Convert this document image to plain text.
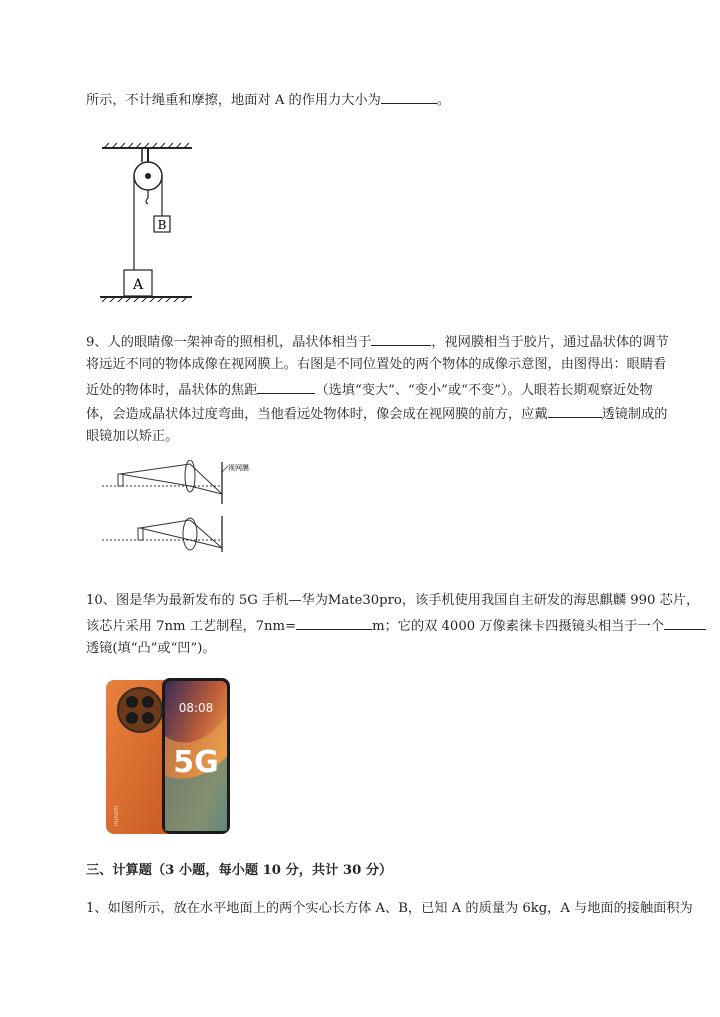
所示，不计绳重和摩擦，地面对 A 的作用力大小为	。
B
A
9、人的眼睛像一架神奇的照相机，晶状体相当于	，视网膜相当于胶片，通过晶状体的调节
将远近不同的物体成像在视网膜上。右图是不同位置处的两个物体的成像示意图，由图得出：眼睛看
近处的物体时，晶状体的焦距	（选填“变大”、“变小”或“不变”）。人眼若长期观察近处物
体，会造成晶状体过度弯曲，当他看远处物体时，像会成在视网膜的前方，应戴	透镜制成的
眼镜加以矫正。
视网膜
10、图是华为最新发布的 5G 手机—华为Mate30pro，该手机使用我国自主研发的海思麒麟 990 芯片，
该芯片采用 7nm 工艺制程，7nm=	m；它的双 4000 万像素徕卡四摄镜头相当于一个
透镜(填“凸”或“凹”)。
HUAWEI
08:08
5G
三、计算题（3 小题，每小题 10 分，共计 30 分）
1、如图所示，放在水平地面上的两个实心长方体 A、B，已知 A 的质量为 6kg，A 与地面的接触面积为
